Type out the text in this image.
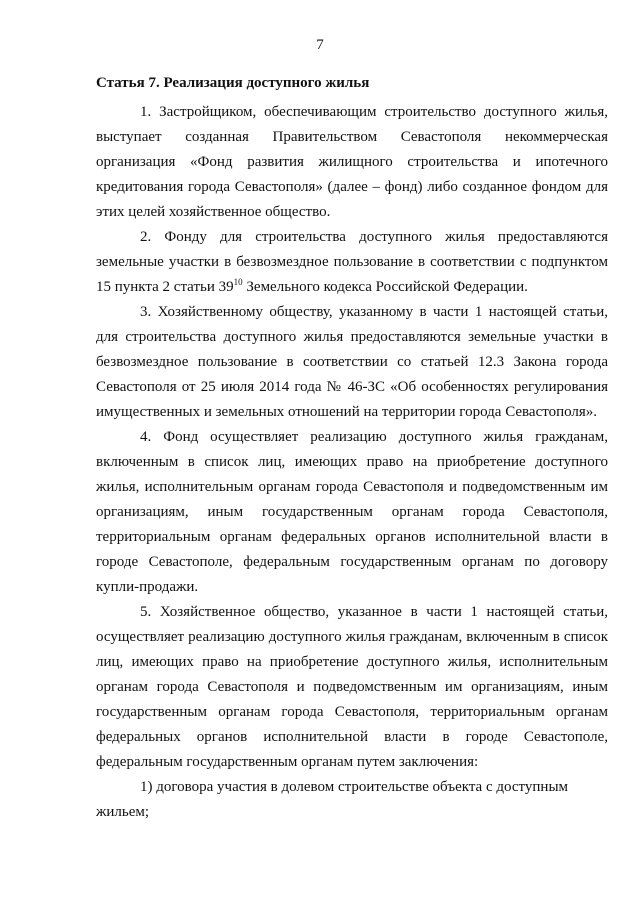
7
Статья 7. Реализация доступного жилья

1. Застройщиком, обеспечивающим строительство доступного жилья, выступает созданная Правительством Севастополя некоммерческая организация «Фонд развития жилищного строительства и ипотечного кредитования города Севастополя» (далее – фонд) либо созданное фондом для этих целей хозяйственное общество.

2. Фонду для строительства доступного жилья предоставляются земельные участки в безвозмездное пользование в соответствии с подпунктом 15 пункта 2 статьи $39^{10}$ Земельного кодекса Российской Федерации.

3. Хозяйственному обществу, указанному в части 1 настоящей статьи, для строительства доступного жилья предоставляются земельные участки в безвозмездное пользование в соответствии со статьей 12.3 Закона города Севастополя от 25 июля 2014 года № 46-ЗС «Об особенностях регулирования имущественных и земельных отношений на территории города Севастополя».

4. Фонд осуществляет реализацию доступного жилья гражданам, включенным в список лиц, имеющих право на приобретение доступного жилья, исполнительным органам города Севастополя и подведомственным им организациям, иным государственным органам города Севастополя, территориальным органам федеральных органов исполнительной власти в городе Севастополе, федеральным государственным органам по договору купли-продажи.

5. Хозяйственное общество, указанное в части 1 настоящей статьи, осуществляет реализацию доступного жилья гражданам, включенным в список лиц, имеющих право на приобретение доступного жилья, исполнительным органам города Севастополя и подведомственным им организациям, иным государственным органам города Севастополя, территориальным органам федеральных органов исполнительной власти в городе Севастополе, федеральным государственным органам путем заключения:

1) договора участия в долевом строительстве объекта с доступным жильем;
